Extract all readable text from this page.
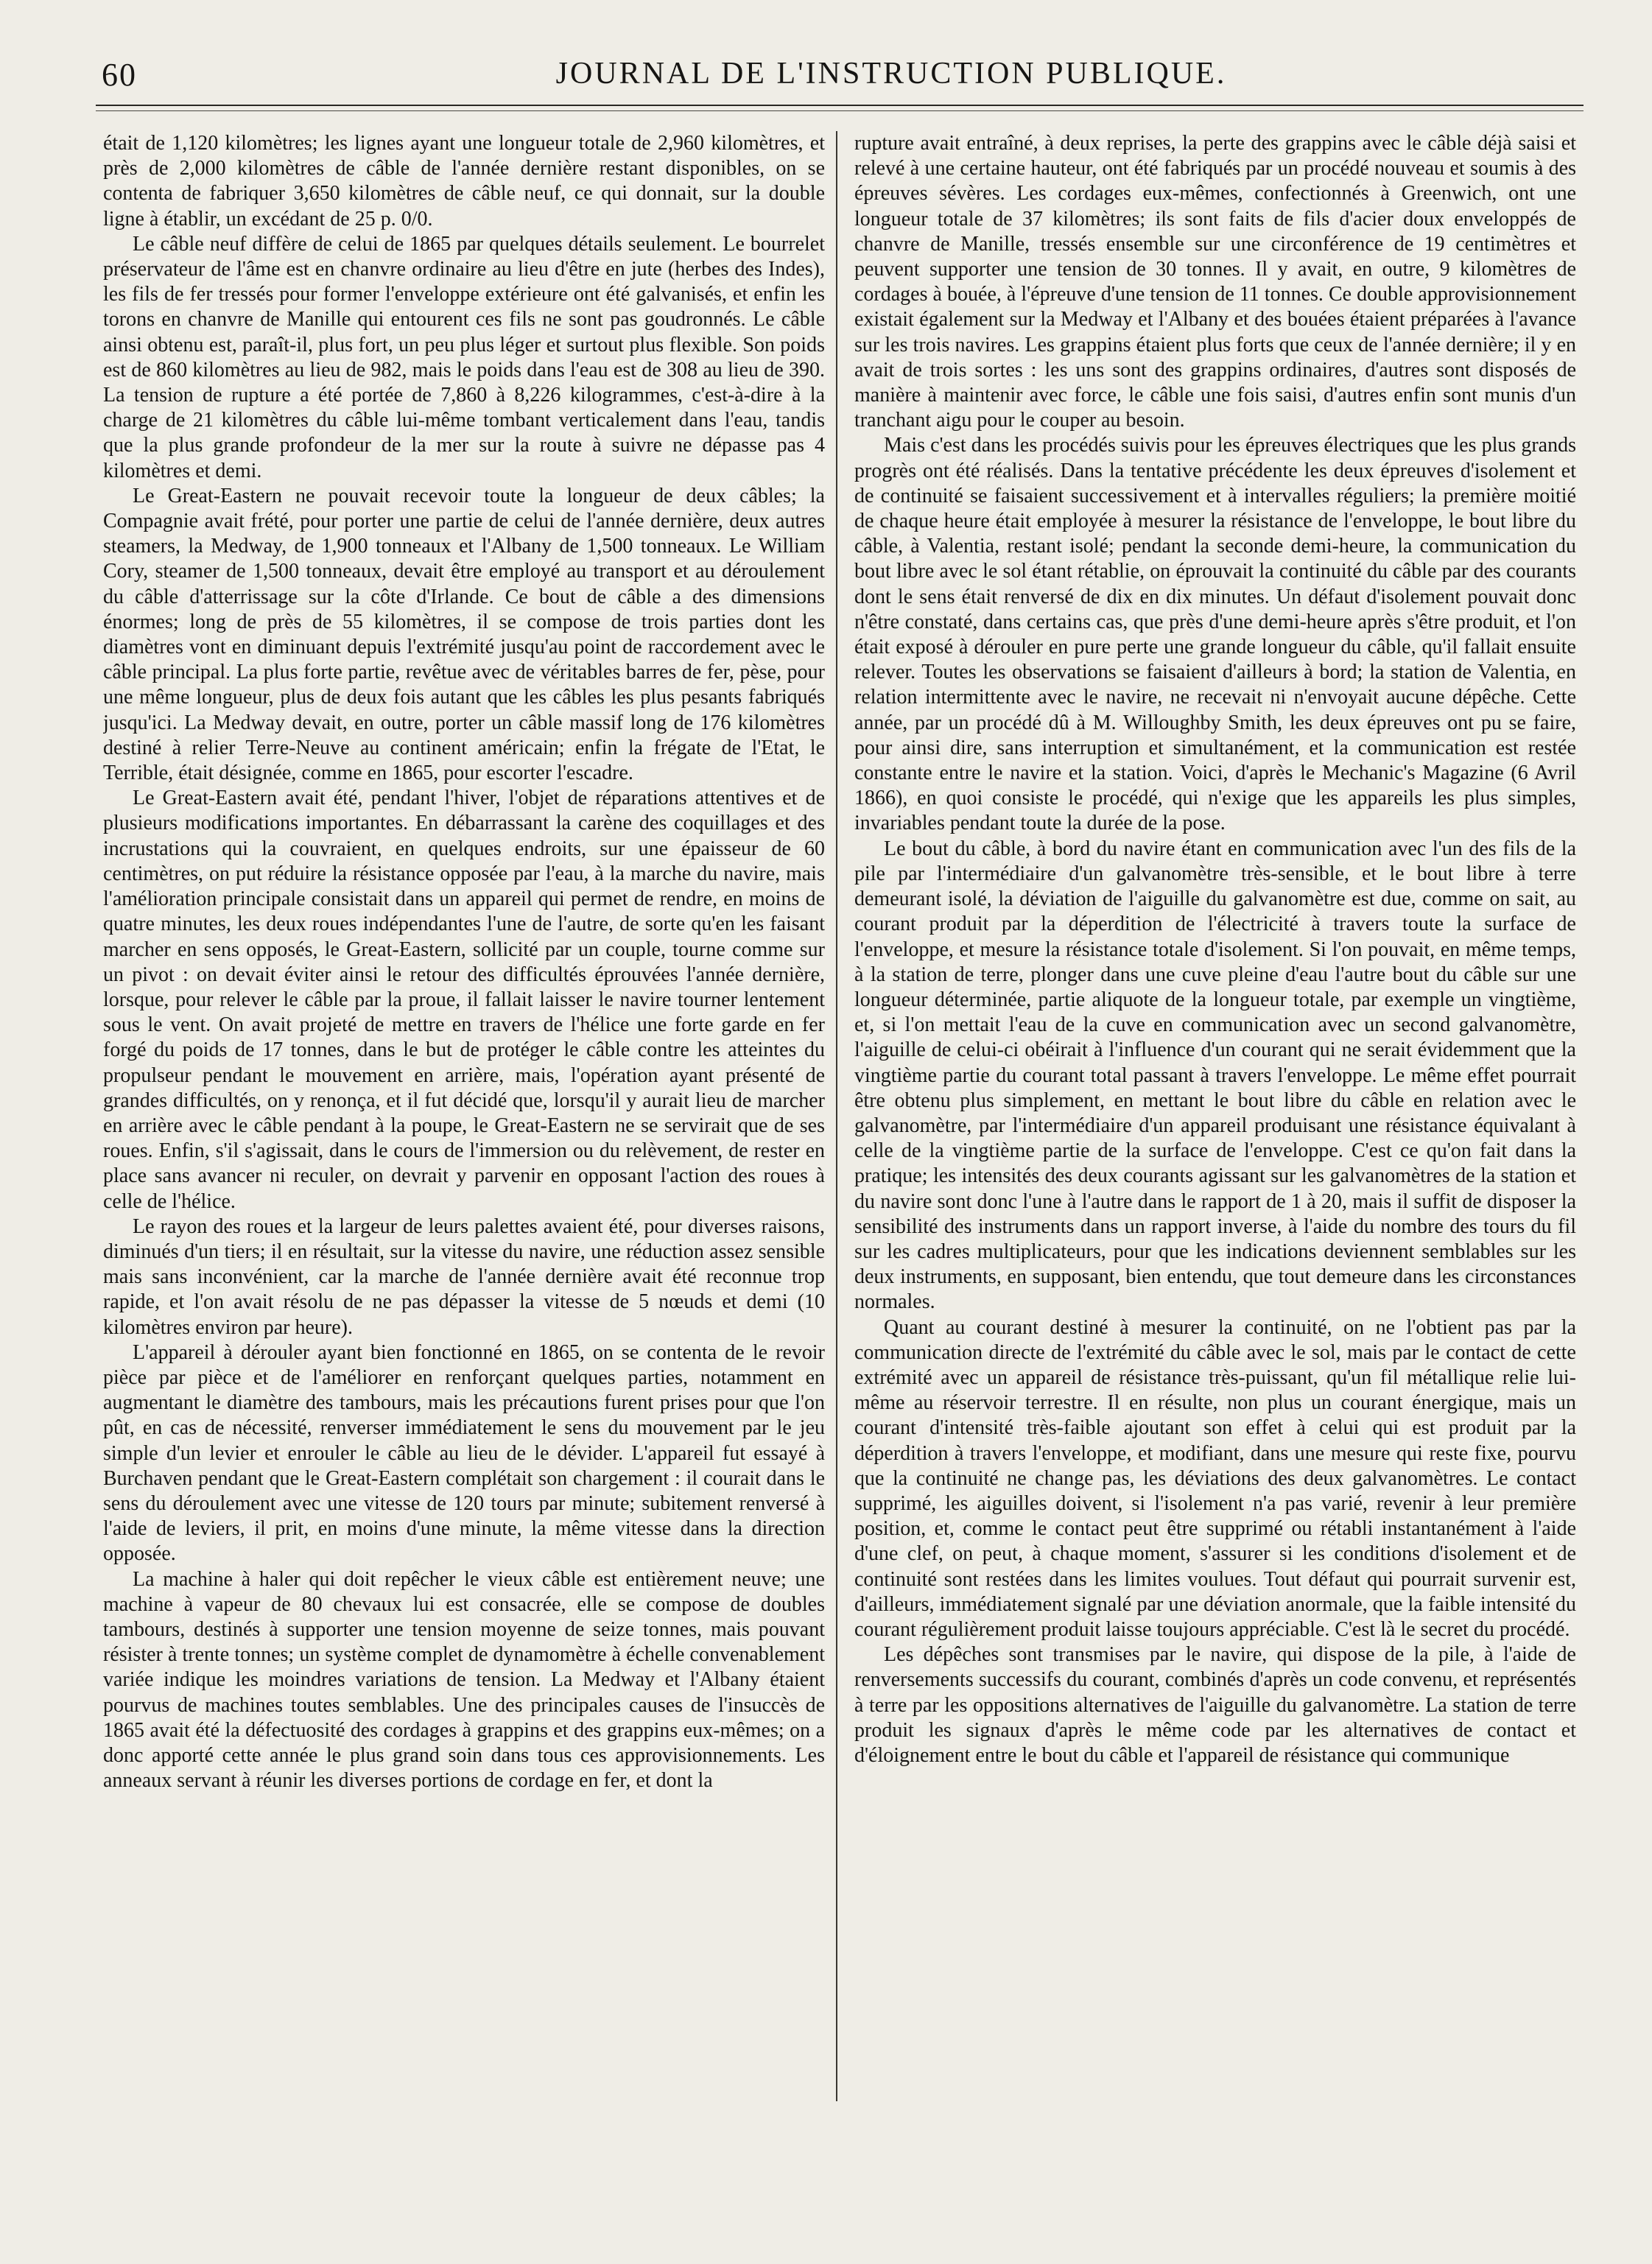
60	JOURNAL DE L'INSTRUCTION PUBLIQUE.

était de 1,120 kilomètres; les lignes ayant une longueur totale de 2,960 kilomètres, et près de 2,000 kilomètres de câble de l'année dernière restant disponibles, on se contenta de fabriquer 3,650 kilomètres de câble neuf, ce qui donnait, sur la double ligne à établir, un excédant de 25 p. 0/0.

Le câble neuf diffère de celui de 1865 par quelques détails seulement. Le bourrelet préservateur de l'âme est en chanvre ordinaire au lieu d'être en jute (herbes des Indes), les fils de fer tressés pour former l'enveloppe extérieure ont été galvanisés, et enfin les torons en chanvre de Manille qui entourent ces fils ne sont pas goudronnés. Le câble ainsi obtenu est, paraît-il, plus fort, un peu plus léger et surtout plus flexible. Son poids est de 860 kilomètres au lieu de 982, mais le poids dans l'eau est de 308 au lieu de 390. La tension de rupture a été portée de 7,860 à 8,226 kilogrammes, c'est-à-dire à la charge de 21 kilomètres du câble lui-même tombant verticalement dans l'eau, tandis que la plus grande profondeur de la mer sur la route à suivre ne dépasse pas 4 kilomètres et demi.

Le Great-Eastern ne pouvait recevoir toute la longueur de deux câbles; la Compagnie avait frété, pour porter une partie de celui de l'année dernière, deux autres steamers, la Medway, de 1,900 tonneaux et l'Albany de 1,500 tonneaux. Le William Cory, steamer de 1,500 tonneaux, devait être employé au transport et au déroulement du câble d'atterrissage sur la côte d'Irlande. Ce bout de câble a des dimensions énormes; long de près de 55 kilomètres, il se compose de trois parties dont les diamètres vont en diminuant depuis l'extrémité jusqu'au point de raccordement avec le câble principal. La plus forte partie, revêtue avec de véritables barres de fer, pèse, pour une même longueur, plus de deux fois autant que les câbles les plus pesants fabriqués jusqu'ici. La Medway devait, en outre, porter un câble massif long de 176 kilomètres destiné à relier Terre-Neuve au continent américain; enfin la frégate de l'Etat, le Terrible, était désignée, comme en 1865, pour escorter l'escadre.

Le Great-Eastern avait été, pendant l'hiver, l'objet de réparations attentives et de plusieurs modifications importantes. En débarrassant la carène des coquillages et des incrustations qui la couvraient, en quelques endroits, sur une épaisseur de 60 centimètres, on put réduire la résistance opposée par l'eau, à la marche du navire, mais l'amélioration principale consistait dans un appareil qui permet de rendre, en moins de quatre minutes, les deux roues indépendantes l'une de l'autre, de sorte qu'en les faisant marcher en sens opposés, le Great-Eastern, sollicité par un couple, tourne comme sur un pivot : on devait éviter ainsi le retour des difficultés éprouvées l'année dernière, lorsque, pour relever le câble par la proue, il fallait laisser le navire tourner lentement sous le vent. On avait projeté de mettre en travers de l'hélice une forte garde en fer forgé du poids de 17 tonnes, dans le but de protéger le câble contre les atteintes du propulseur pendant le mouvement en arrière, mais, l'opération ayant présenté de grandes difficultés, on y renonça, et il fut décidé que, lorsqu'il y aurait lieu de marcher en arrière avec le câble pendant à la poupe, le Great-Eastern ne se servirait que de ses roues. Enfin, s'il s'agissait, dans le cours de l'immersion ou du relèvement, de rester en place sans avancer ni reculer, on devrait y parvenir en opposant l'action des roues à celle de l'hélice.

Le rayon des roues et la largeur de leurs palettes avaient été, pour diverses raisons, diminués d'un tiers; il en résultait, sur la vitesse du navire, une réduction assez sensible mais sans inconvénient, car la marche de l'année dernière avait été reconnue trop rapide, et l'on avait résolu de ne pas dépasser la vitesse de 5 nœuds et demi (10 kilomètres environ par heure).

L'appareil à dérouler ayant bien fonctionné en 1865, on se contenta de le revoir pièce par pièce et de l'améliorer en renforçant quelques parties, notamment en augmentant le diamètre des tambours, mais les précautions furent prises pour que l'on pût, en cas de nécessité, renverser immédiatement le sens du mouvement par le jeu simple d'un levier et enrouler le câble au lieu de le dévider. L'appareil fut essayé à Burchaven pendant que le Great-Eastern complétait son chargement : il courait dans le sens du déroulement avec une vitesse de 120 tours par minute; subitement renversé à l'aide de leviers, il prit, en moins d'une minute, la même vitesse dans la direction opposée.

La machine à haler qui doit repêcher le vieux câble est entièrement neuve; une machine à vapeur de 80 chevaux lui est consacrée, elle se compose de doubles tambours, destinés à supporter une tension moyenne de seize tonnes, mais pouvant résister à trente tonnes; un système complet de dynamomètre à échelle convenablement variée indique les moindres variations de tension. La Medway et l'Albany étaient pourvus de machines toutes semblables. Une des principales causes de l'insuccès de 1865 avait été la défectuosité des cordages à grappins et des grappins eux-mêmes; on a donc apporté cette année le plus grand soin dans tous ces approvisionnements. Les anneaux servant à réunir les diverses portions de cordage en fer, et dont la

rupture avait entraîné, à deux reprises, la perte des grappins avec le câble déjà saisi et relevé à une certaine hauteur, ont été fabriqués par un procédé nouveau et soumis à des épreuves sévères. Les cordages eux-mêmes, confectionnés à Greenwich, ont une longueur totale de 37 kilomètres; ils sont faits de fils d'acier doux enveloppés de chanvre de Manille, tressés ensemble sur une circonférence de 19 centimètres et peuvent supporter une tension de 30 tonnes. Il y avait, en outre, 9 kilomètres de cordages à bouée, à l'épreuve d'une tension de 11 tonnes. Ce double approvisionnement existait également sur la Medway et l'Albany et des bouées étaient préparées à l'avance sur les trois navires. Les grappins étaient plus forts que ceux de l'année dernière; il y en avait de trois sortes : les uns sont des grappins ordinaires, d'autres sont disposés de manière à maintenir avec force, le câble une fois saisi, d'autres enfin sont munis d'un tranchant aigu pour le couper au besoin.

Mais c'est dans les procédés suivis pour les épreuves électriques que les plus grands progrès ont été réalisés. Dans la tentative précédente les deux épreuves d'isolement et de continuité se faisaient successivement et à intervalles réguliers; la première moitié de chaque heure était employée à mesurer la résistance de l'enveloppe, le bout libre du câble, à Valentia, restant isolé; pendant la seconde demi-heure, la communication du bout libre avec le sol étant rétablie, on éprouvait la continuité du câble par des courants dont le sens était renversé de dix en dix minutes. Un défaut d'isolement pouvait donc n'être constaté, dans certains cas, que près d'une demi-heure après s'être produit, et l'on était exposé à dérouler en pure perte une grande longueur du câble, qu'il fallait ensuite relever. Toutes les observations se faisaient d'ailleurs à bord; la station de Valentia, en relation intermittente avec le navire, ne recevait ni n'envoyait aucune dépêche. Cette année, par un procédé dû à M. Willoughby Smith, les deux épreuves ont pu se faire, pour ainsi dire, sans interruption et simultanément, et la communication est restée constante entre le navire et la station. Voici, d'après le Mechanic's Magazine (6 Avril 1866), en quoi consiste le procédé, qui n'exige que les appareils les plus simples, invariables pendant toute la durée de la pose.

Le bout du câble, à bord du navire étant en communication avec l'un des fils de la pile par l'intermédiaire d'un galvanomètre très-sensible, et le bout libre à terre demeurant isolé, la déviation de l'aiguille du galvanomètre est due, comme on sait, au courant produit par la déperdition de l'électricité à travers toute la surface de l'enveloppe, et mesure la résistance totale d'isolement. Si l'on pouvait, en même temps, à la station de terre, plonger dans une cuve pleine d'eau l'autre bout du câble sur une longueur déterminée, partie aliquote de la longueur totale, par exemple un vingtième, et, si l'on mettait l'eau de la cuve en communication avec un second galvanomètre, l'aiguille de celui-ci obéirait à l'influence d'un courant qui ne serait évidemment que la vingtième partie du courant total passant à travers l'enveloppe. Le même effet pourrait être obtenu plus simplement, en mettant le bout libre du câble en relation avec le galvanomètre, par l'intermédiaire d'un appareil produisant une résistance équivalant à celle de la vingtième partie de la surface de l'enveloppe. C'est ce qu'on fait dans la pratique; les intensités des deux courants agissant sur les galvanomètres de la station et du navire sont donc l'une à l'autre dans le rapport de 1 à 20, mais il suffit de disposer la sensibilité des instruments dans un rapport inverse, à l'aide du nombre des tours du fil sur les cadres multiplicateurs, pour que les indications deviennent semblables sur les deux instruments, en supposant, bien entendu, que tout demeure dans les circonstances normales.

Quant au courant destiné à mesurer la continuité, on ne l'obtient pas par la communication directe de l'extrémité du câble avec le sol, mais par le contact de cette extrémité avec un appareil de résistance très-puissant, qu'un fil métallique relie lui-même au réservoir terrestre. Il en résulte, non plus un courant énergique, mais un courant d'intensité très-faible ajoutant son effet à celui qui est produit par la déperdition à travers l'enveloppe, et modifiant, dans une mesure qui reste fixe, pourvu que la continuité ne change pas, les déviations des deux galvanomètres. Le contact supprimé, les aiguilles doivent, si l'isolement n'a pas varié, revenir à leur première position, et, comme le contact peut être supprimé ou rétabli instantanément à l'aide d'une clef, on peut, à chaque moment, s'assurer si les conditions d'isolement et de continuité sont restées dans les limites voulues. Tout défaut qui pourrait survenir est, d'ailleurs, immédiatement signalé par une déviation anormale, que la faible intensité du courant régulièrement produit laisse toujours appréciable. C'est là le secret du procédé.

Les dépêches sont transmises par le navire, qui dispose de la pile, à l'aide de renversements successifs du courant, combinés d'après un code convenu, et représentés à terre par les oppositions alternatives de l'aiguille du galvanomètre. La station de terre produit les signaux d'après le même code par les alternatives de contact et d'éloignement entre le bout du câble et l'appareil de résistance qui communique
